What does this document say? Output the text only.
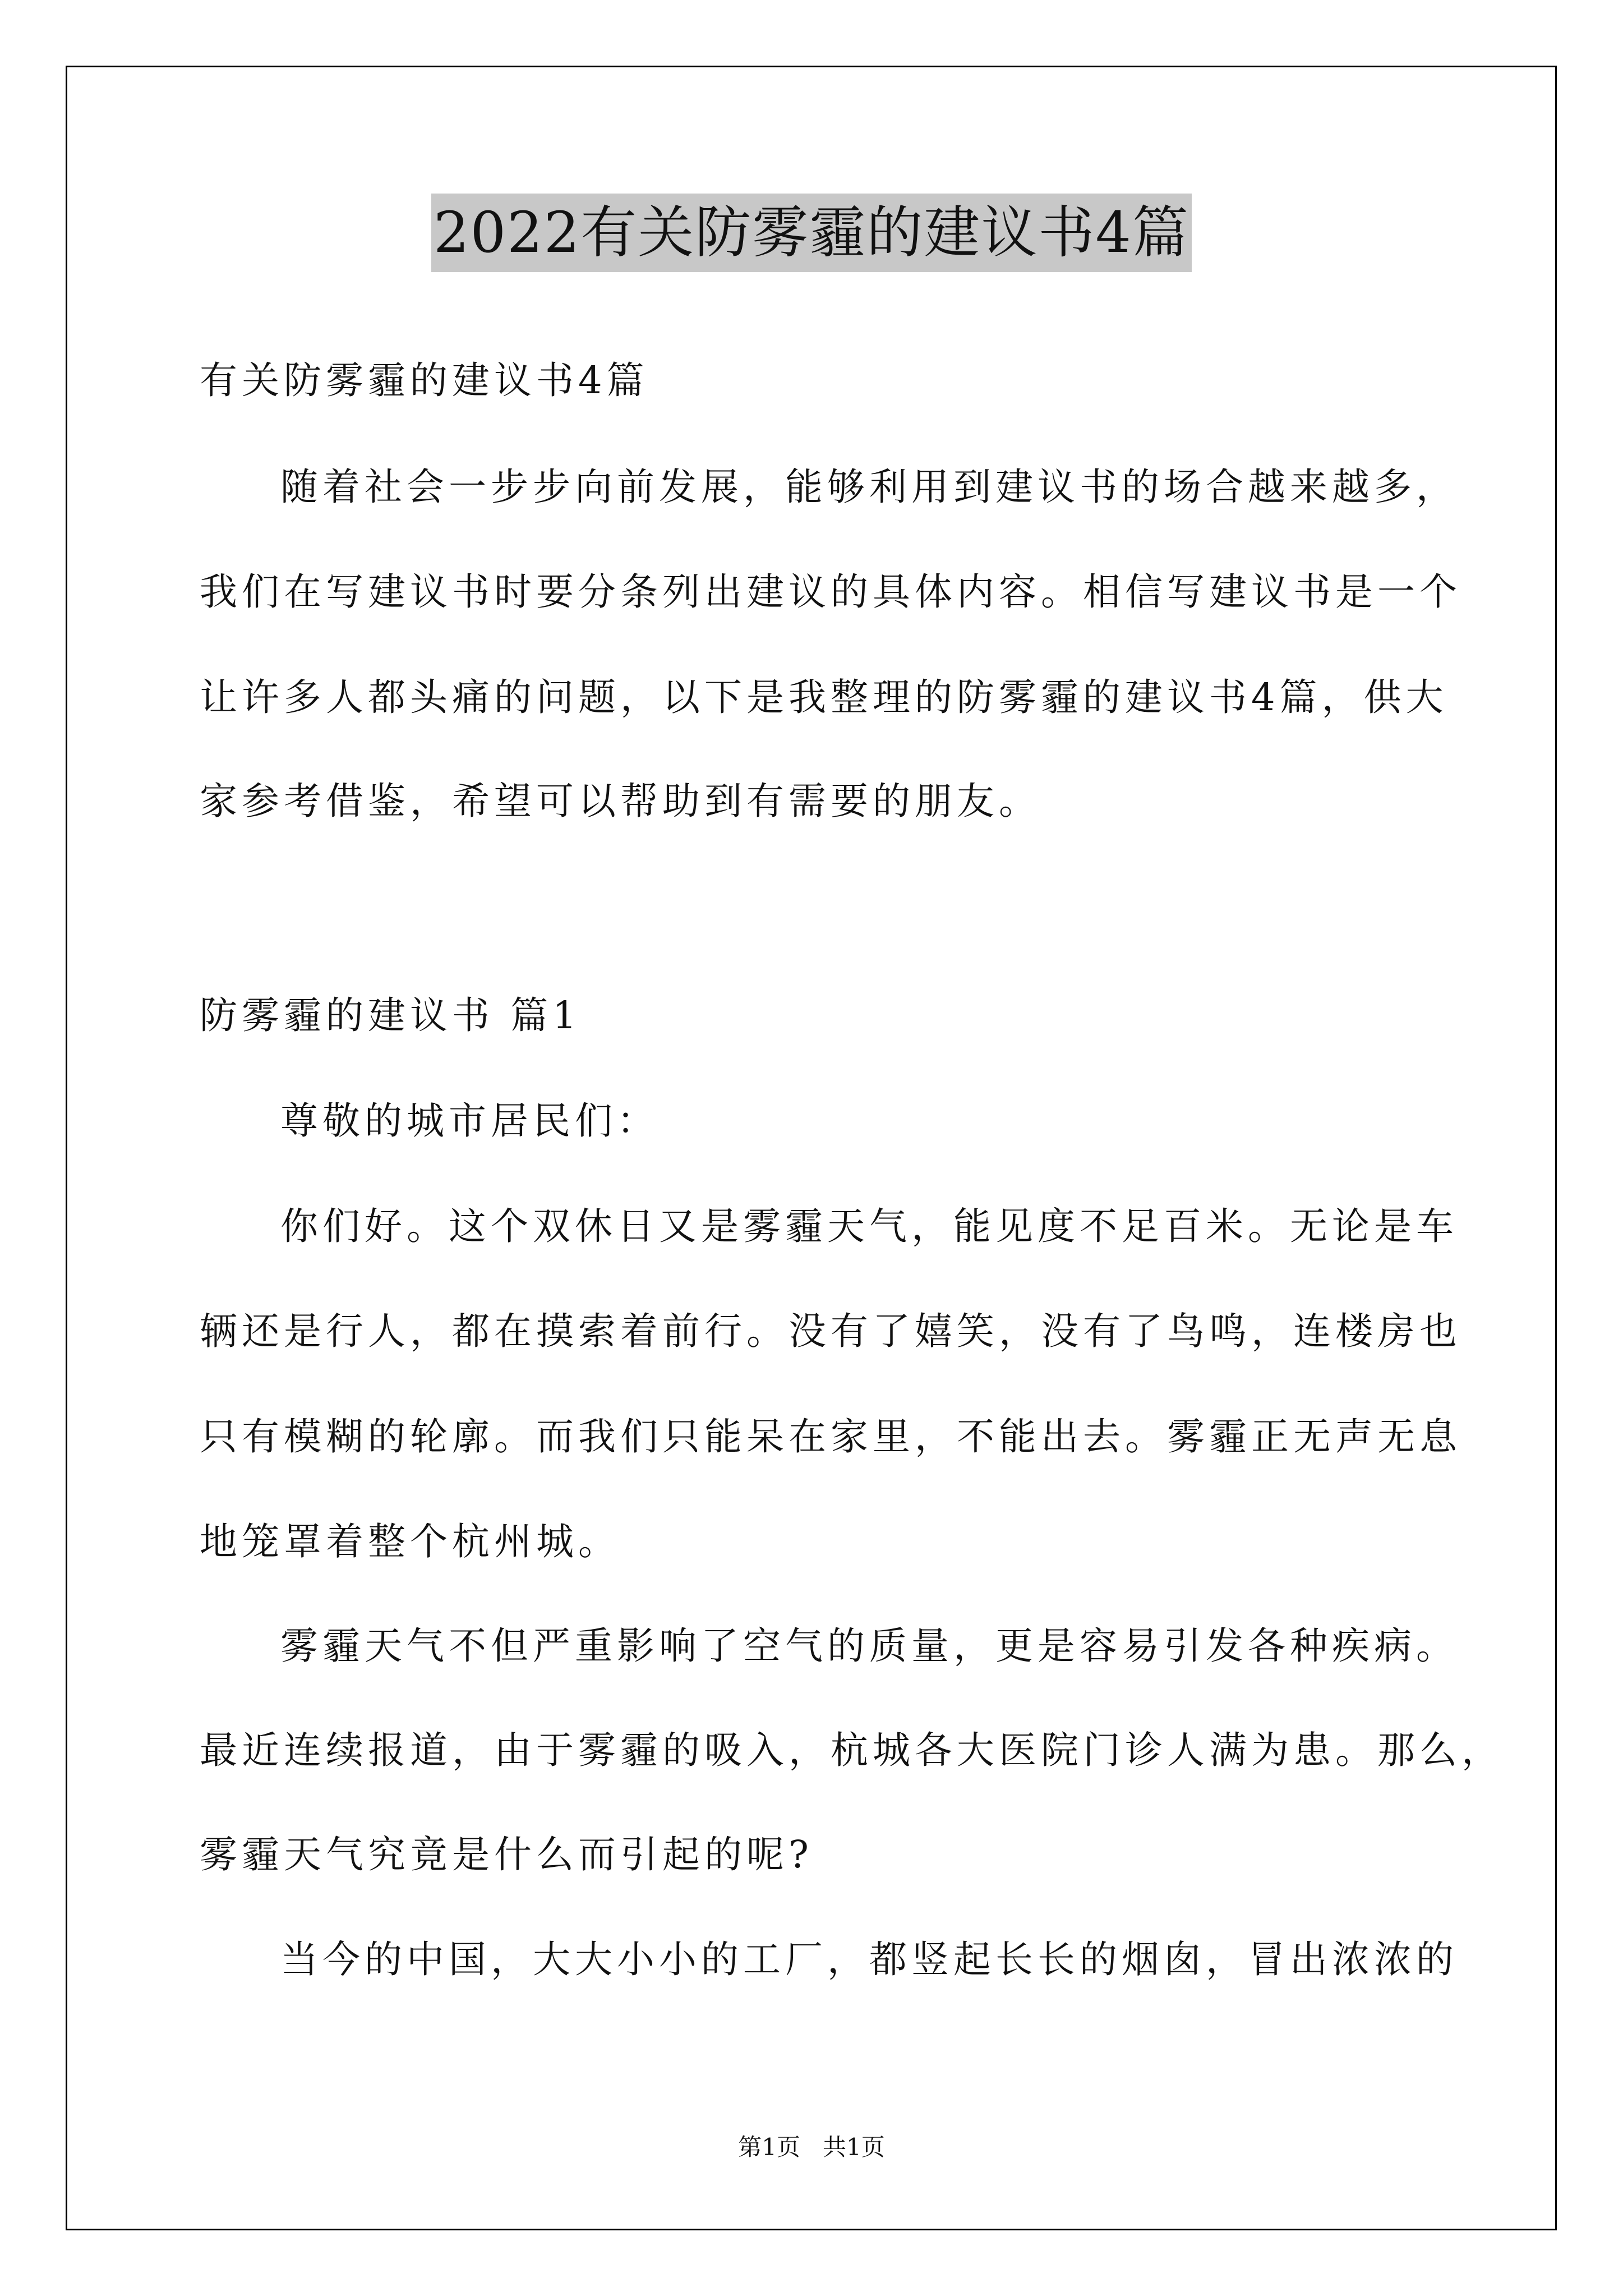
2022有关防雾霾的建议书4篇
有关防雾霾的建议书4篇
随着社会一步步向前发展，能够利用到建议书的场合越来越多，
我们在写建议书时要分条列出建议的具体内容。相信写建议书是一个
让许多人都头痛的问题，以下是我整理的防雾霾的建议书4篇，供大
家参考借鉴，希望可以帮助到有需要的朋友。
防雾霾的建议书 篇1
尊敬的城市居民们：
你们好。这个双休日又是雾霾天气，能见度不足百米。无论是车
辆还是行人，都在摸索着前行。没有了嬉笑，没有了鸟鸣，连楼房也
只有模糊的轮廓。而我们只能呆在家里，不能出去。雾霾正无声无息
地笼罩着整个杭州城。
雾霾天气不但严重影响了空气的质量，更是容易引发各种疾病。
最近连续报道，由于雾霾的吸入，杭城各大医院门诊人满为患。那么，
雾霾天气究竟是什么而引起的呢?
当今的中国，大大小小的工厂，都竖起长长的烟囱，冒出浓浓的
第1页   共1页
